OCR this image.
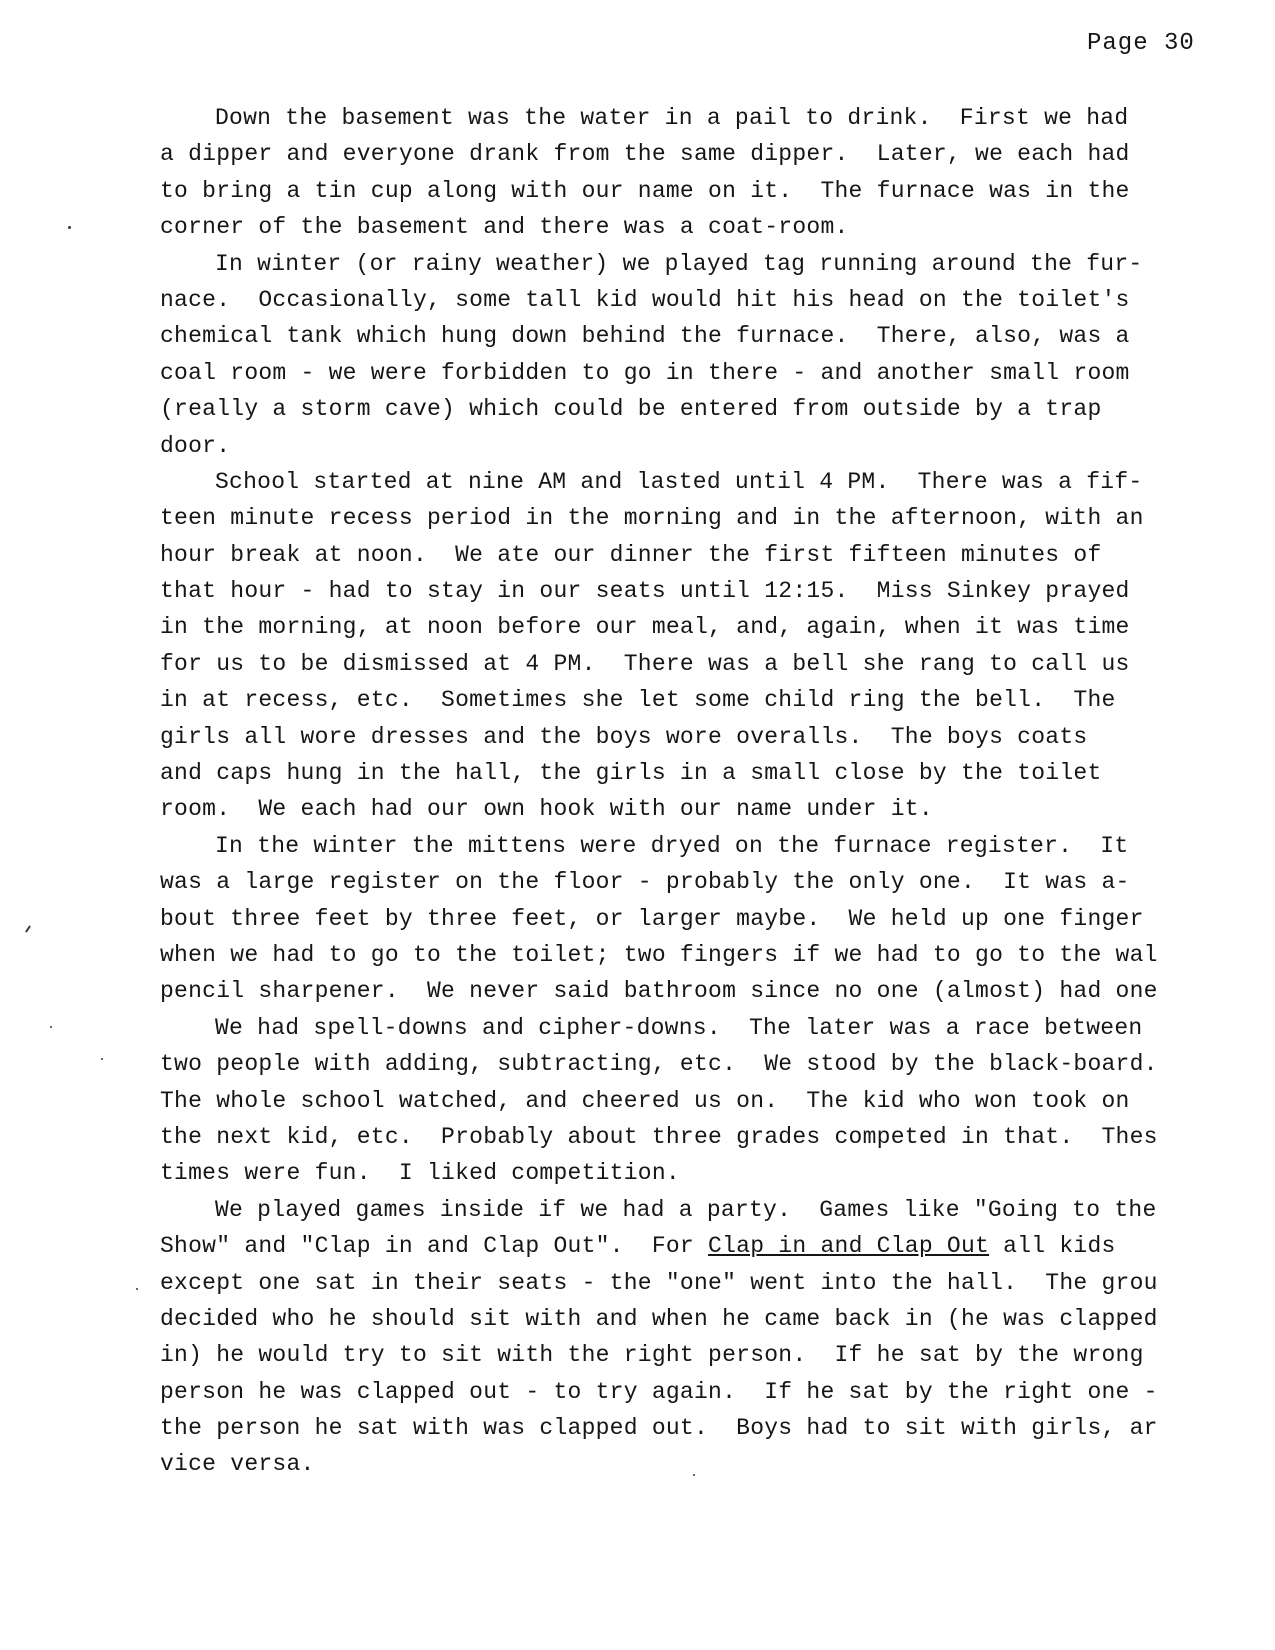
Page 30
Down the basement was the water in a pail to drink.  First we had
a dipper and everyone drank from the same dipper.  Later, we each had
to bring a tin cup along with our name on it.  The furnace was in the
corner of the basement and there was a coat-room.
In winter (or rainy weather) we played tag running around the fur-
nace.  Occasionally, some tall kid would hit his head on the toilet's
chemical tank which hung down behind the furnace.  There, also, was a
coal room - we were forbidden to go in there - and another small room
(really a storm cave) which could be entered from outside by a trap
door.
School started at nine AM and lasted until 4 PM.  There was a fif-
teen minute recess period in the morning and in the afternoon, with an
hour break at noon.  We ate our dinner the first fifteen minutes of
that hour - had to stay in our seats until 12:15.  Miss Sinkey prayed
in the morning, at noon before our meal, and, again, when it was time
for us to be dismissed at 4 PM.  There was a bell she rang to call us
in at recess, etc.  Sometimes she let some child ring the bell.  The
girls all wore dresses and the boys wore overalls.  The boys coats
and caps hung in the hall, the girls in a small close by the toilet
room.  We each had our own hook with our name under it.
In the winter the mittens were dryed on the furnace register.  It
was a large register on the floor - probably the only one.  It was a-
bout three feet by three feet, or larger maybe.  We held up one finger
when we had to go to the toilet; two fingers if we had to go to the wal
pencil sharpener.  We never said bathroom since no one (almost) had one
We had spell-downs and cipher-downs.  The later was a race between
two people with adding, subtracting, etc.  We stood by the black-board.
The whole school watched, and cheered us on.  The kid who won took on
the next kid, etc.  Probably about three grades competed in that.  Thes
times were fun.  I liked competition.
We played games inside if we had a party.  Games like "Going to the
Show" and "Clap in and Clap Out".  For Clap in and Clap Out all kids
except one sat in their seats - the "one" went into the hall.  The grou
decided who he should sit with and when he came back in (he was clapped
in) he would try to sit with the right person.  If he sat by the wrong
person he was clapped out - to try again.  If he sat by the right one -
the person he sat with was clapped out.  Boys had to sit with girls, ar
vice versa.
